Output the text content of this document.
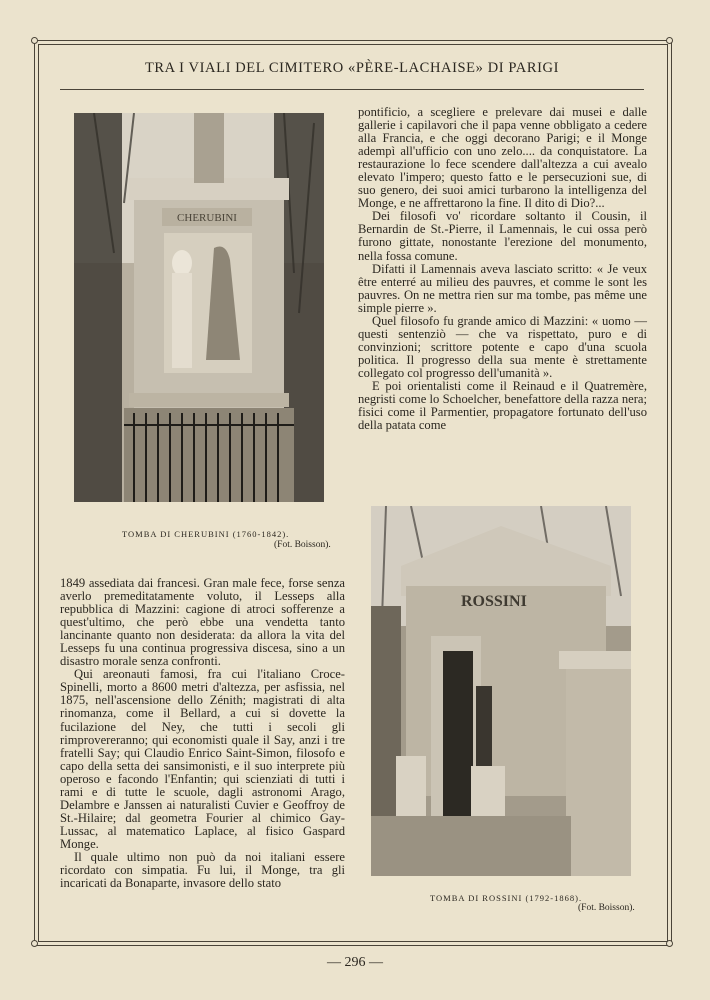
TRA I VIALI DEL CIMITERO «PÈRE-LACHAISE» DI PARIGI
CHERUBINI
TOMBA DI CHERUBINI (1760-1842).
(Fot. Boisson).
ROSSINI
TOMBA DI ROSSINI (1792-1868).
(Fot. Boisson).

pontificio, a scegliere e prelevare dai musei e dalle gallerie i capilavori che il papa venne obbligato a cedere alla Francia, e che oggi decorano Parigi; e il Monge adempì all'ufficio con uno zelo.... da conquistatore. La restaurazione lo fece scendere dall'altezza a cui avealo elevato l'impero; questo fatto e le persecuzioni sue, di suo genero, dei suoi amici turbarono la intelligenza del Monge, e ne affrettarono la fine. Il dito di Dio?...

Dei filosofi vo' ricordare soltanto il Cousin, il Bernardin de St.-Pierre, il Lamennais, le cui ossa però furono gittate, nonostante l'erezione del monumento, nella fossa comune.

Difatti il Lamennais aveva lasciato scritto: « Je veux être enterré au milieu des pauvres, et comme le sont les pauvres. On ne mettra rien sur ma tombe, pas même une simple pierre ».

Quel filosofo fu grande amico di Mazzini: « uomo — questi sentenziò — che va rispettato, puro e di convinzioni; scrittore potente e capo d'una scuola politica. Il progresso della sua mente è strettamente collegato col progresso dell'umanità ».

E poi orientalisti come il Reinaud e il Quatremère, negristi come lo Schoelcher, benefattore della razza nera; fisici come il Parmentier, propagatore fortunato dell'uso della patata come

1849 assediata dai francesi. Gran male fece, forse senza averlo premeditatamente voluto, il Lesseps alla repubblica di Mazzini: cagione di atroci sofferenze a quest'ultimo, che però ebbe una vendetta tanto lancinante quanto non desiderata: da allora la vita del Lesseps fu una continua progressiva discesa, sino a un disastro morale senza confronti.

Qui areonauti famosi, fra cui l'italiano Croce-Spinelli, morto a 8600 metri d'altezza, per asfissia, nel 1875, nell'ascensione dello Zénith; magistrati di alta rinomanza, come il Bellard, a cui si dovette la fucilazione del Ney, che tutti i secoli gli rimprovereranno; qui economisti quale il Say, anzi i tre fratelli Say; qui Claudio Enrico Saint-Simon, filosofo e capo della setta dei sansimonisti, e il suo interprete più operoso e facondo l'Enfantin; qui scienziati di tutti i rami e di tutte le scuole, dagli astronomi Arago, Delambre e Janssen ai naturalisti Cuvier e Geoffroy de St.-Hilaire; dal geometra Fourier al chimico Gay-Lussac, al matematico Laplace, al fisico Gaspard Monge.

Il quale ultimo non può da noi italiani essere ricordato con simpatia. Fu lui, il Monge, tra gli incaricati da Bonaparte, invasore dello stato

— 296 —
